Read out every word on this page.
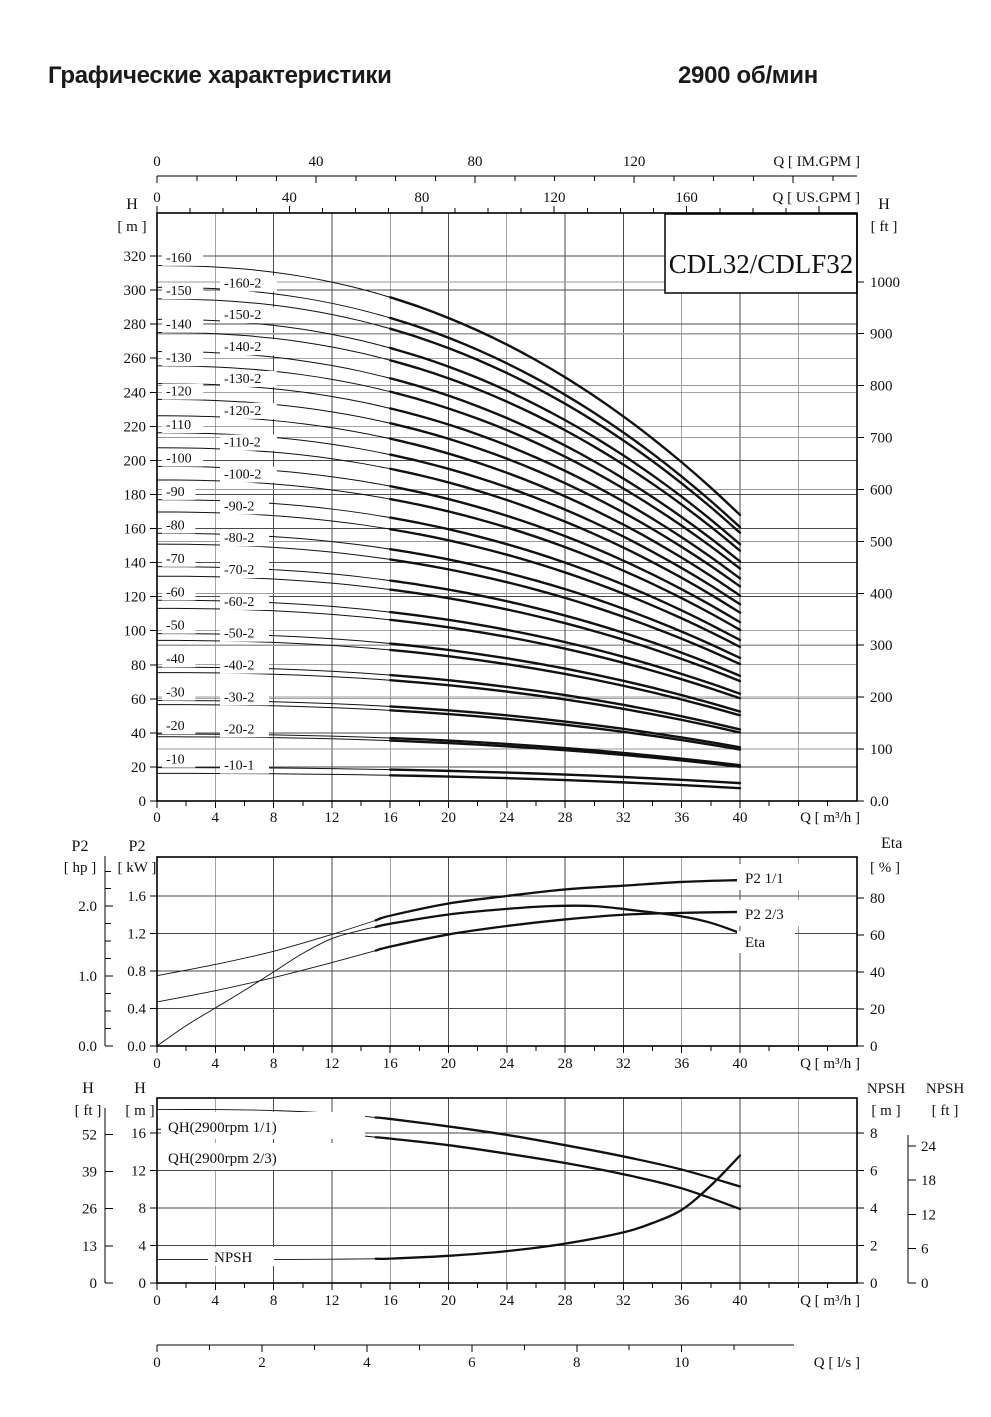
Графические характеристики	2900 об/мин
-160
-160-2
-150
-150-2
-140
-140-2
-130
-130-2
-120
-120-2
-110
-110-2
-100
-100-2
-90
-90-2
-80
-80-2
-70
-70-2
-60
-60-2
-50
-50-2
-40	-40-2
-30	-30-2
-20	-20-2
-10	-10-1
CDL32/CDLF32
0	4	8	12	16	20	24	28	32	36	40	Q [ m³/h ]
0
20
40
60
80
100
120
140
160
180
200
220
240
260
280
300
320
H
[ m ]
0.0
100
200
300
400
500
600
700
800
900
1000
H
[ ft ]
0	40	80	120	160	Q [ US.GPM ]
0	40	80	120	Q [ IM.GPM ]
P2 1/1
P2 2/3
Eta
0	4	8	12	16	20	24	28	32	36	40	Q [ m³/h ]
0.0
0.4
0.8
1.2
1.6
P2
[ kW ]
0.0
1.0
2.0
P2
[ hp ]
0
20
40
60
80
Eta
[ % ]
QH(2900rpm 1/1)
QH(2900rpm 2/3)
NPSH
0	4	8	12	16	20	24	28	32	36	40	Q [ m³/h ]
0	2	4	6	8	10	Q [ l/s ]
0
4
8
12
16
H
[ m ]
0
13
26
39
52
H
[ ft ]
0
2
4
6
8
NPSH
[ m ]
0
6
12
18
24
NPSH
[ ft ]
